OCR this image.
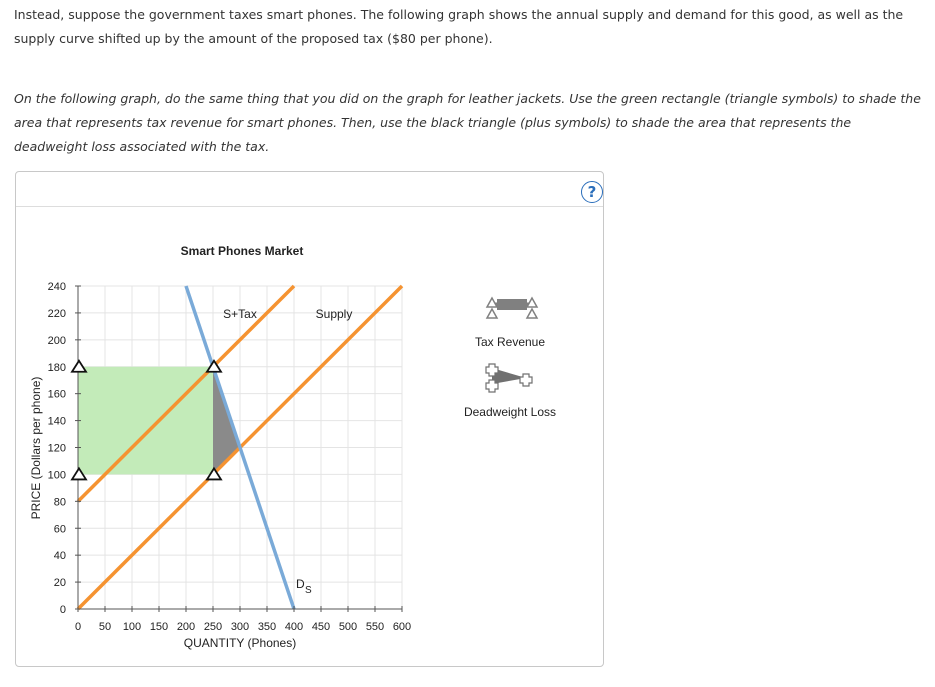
Instead, suppose the government taxes smart phones. The following graph shows the annual supply and demand for this good, as well as the supply curve shifted up by the amount of the proposed tax ($80 per phone).

On the following graph, do the same thing that you did on the graph for leather jackets. Use the green rectangle (triangle symbols) to shade the area that represents tax revenue for smart phones. Then, use the black triangle (plus symbols) to shade the area that represents the deadweight loss associated with the tax.

?
0
20
40
60
80
100
120
140
160
180
200
220
240
0 50 100 150 200 250 300 350 400 450 500 550 600
Smart Phones Market
QUANTITY (Phones)
PRICE (Dollars per phone)
S+Tax	Supply
D S
Tax Revenue
Deadweight Loss
